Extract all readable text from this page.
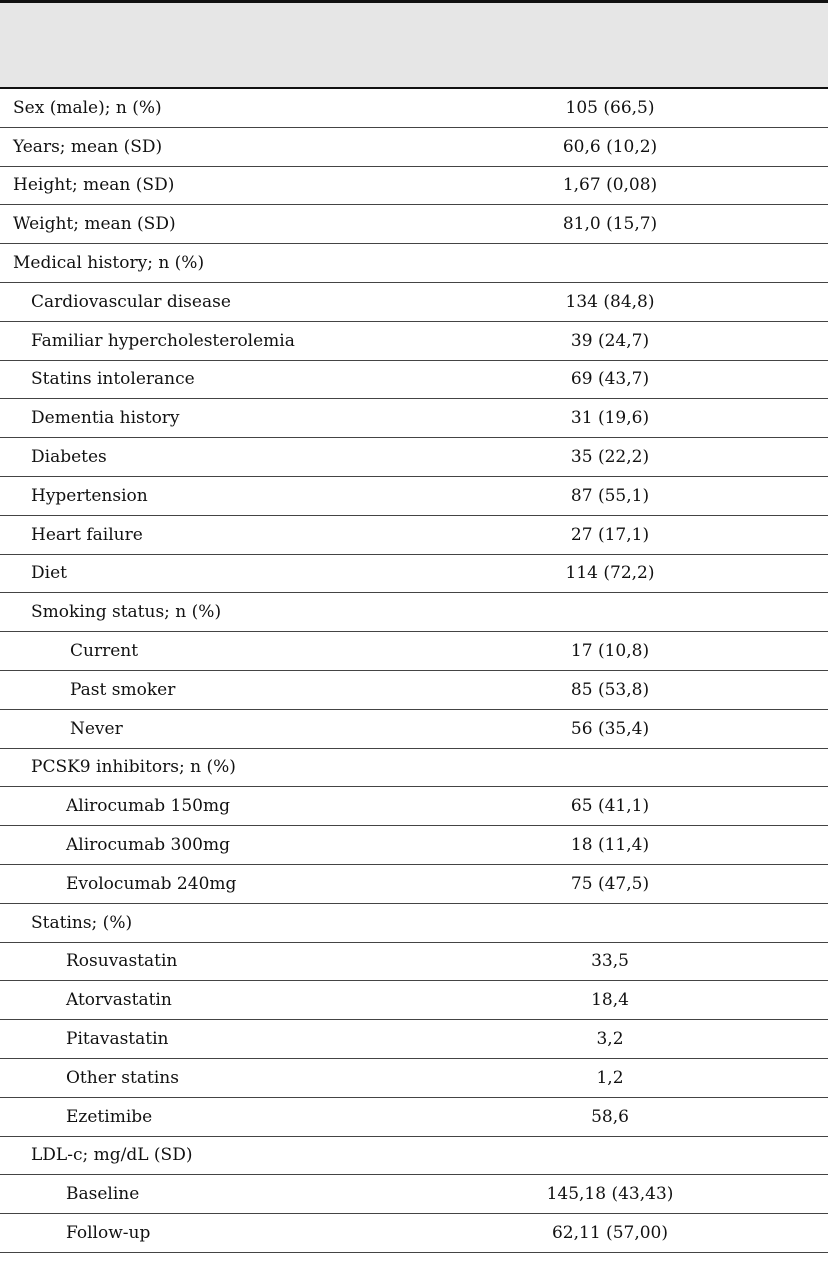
Sex (male); n (%)	105 (66,5)
Years; mean (SD)	60,6 (10,2)
Height; mean (SD)	1,67 (0,08)
Weight; mean (SD)	81,0 (15,7)
Medical history; n (%)
Cardiovascular disease	134 (84,8)
Familiar hypercholesterolemia	39 (24,7)
Statins intolerance	69 (43,7)
Dementia history	31 (19,6)
Diabetes	35 (22,2)
Hypertension	87 (55,1)
Heart failure	27 (17,1)
Diet	114 (72,2)
Smoking status; n (%)
Current	17 (10,8)
Past smoker	85 (53,8)
Never	56 (35,4)
PCSK9 inhibitors; n (%)
Alirocumab 150mg	65 (41,1)
Alirocumab 300mg	18 (11,4)
Evolocumab 240mg	75 (47,5)
Statins; (%)
Rosuvastatin	33,5
Atorvastatin	18,4
Pitavastatin	3,2
Other statins	1,2
Ezetimibe	58,6
LDL-c; mg/dL (SD)
Baseline	145,18 (43,43)
Follow-up	62,11 (57,00)
